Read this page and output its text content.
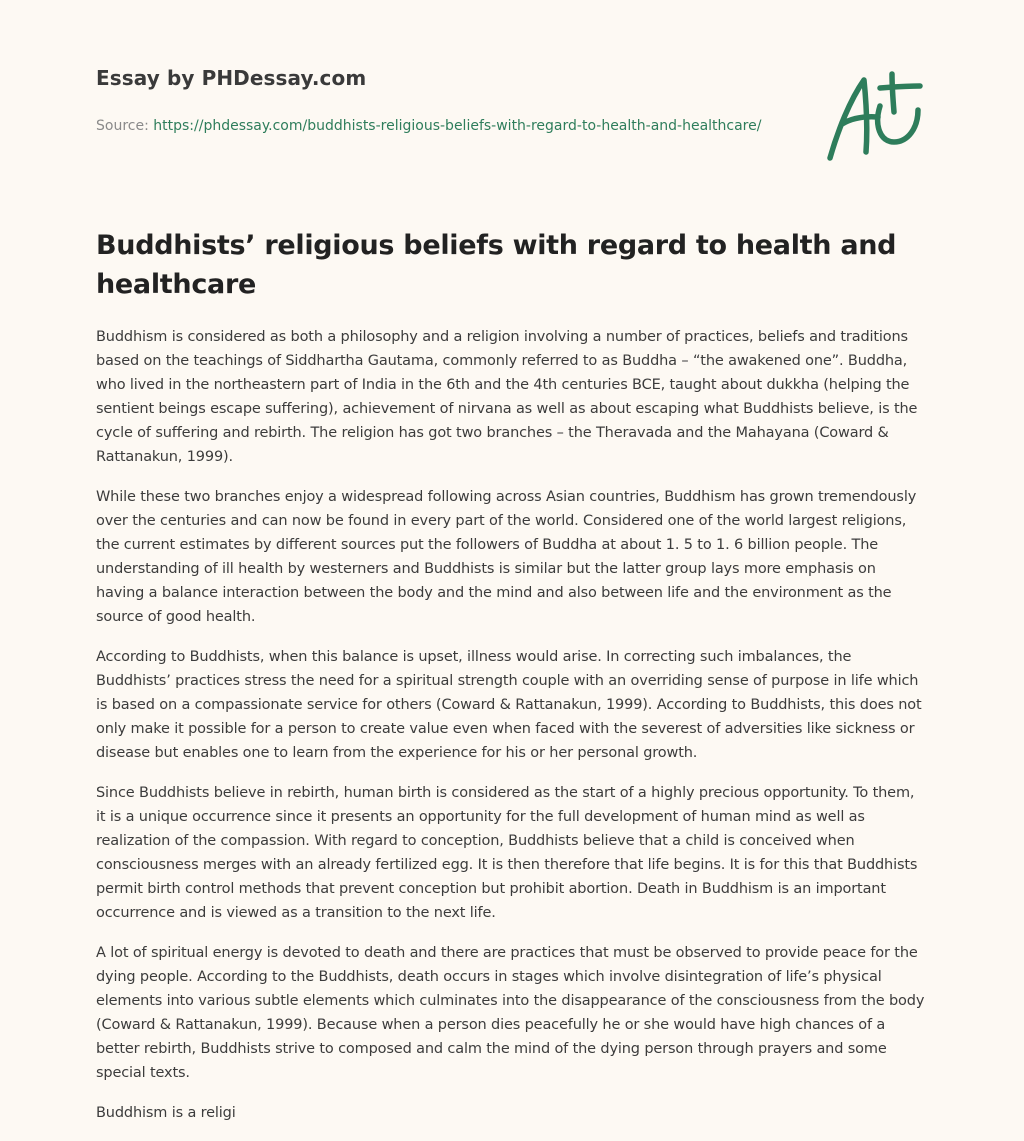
Essay by PHDessay.com
Source: https://phdessay.com/buddhists-religious-beliefs-with-regard-to-health-and-healthcare/
Buddhists’ religious beliefs with regard to health and healthcare

Buddhism is considered as both a philosophy and a religion involving a number of practices, beliefs and traditions based on the teachings of Siddhartha Gautama, commonly referred to as Buddha – “the awakened one”. Buddha, who lived in the northeastern part of India in the 6th and the 4th centuries BCE, taught about dukkha (helping the sentient beings escape suffering), achievement of nirvana as well as about escaping what Buddhists believe, is the cycle of suffering and rebirth. The religion has got two branches – the Theravada and the Mahayana (Coward & Rattanakun, 1999).

While these two branches enjoy a widespread following across Asian countries, Buddhism has grown tremendously over the centuries and can now be found in every part of the world. Considered one of the world largest religions, the current estimates by different sources put the followers of Buddha at about 1. 5 to 1. 6 billion people. The understanding of ill health by westerners and Buddhists is similar but the latter group lays more emphasis on having a balance interaction between the body and the mind and also between life and the environment as the source of good health.

According to Buddhists, when this balance is upset, illness would arise. In correcting such imbalances, the Buddhists’ practices stress the need for a spiritual strength couple with an overriding sense of purpose in life which is based on a compassionate service for others (Coward & Rattanakun, 1999). According to Buddhists, this does not only make it possible for a person to create value even when faced with the severest of adversities like sickness or disease but enables one to learn from the experience for his or her personal growth.

Since Buddhists believe in rebirth, human birth is considered as the start of a highly precious opportunity. To them, it is a unique occurrence since it presents an opportunity for the full development of human mind as well as realization of the compassion. With regard to conception, Buddhists believe that a child is conceived when consciousness merges with an already fertilized egg. It is then therefore that life begins. It is for this that Buddhists permit birth control methods that prevent conception but prohibit abortion. Death in Buddhism is an important occurrence and is viewed as a transition to the next life.

A lot of spiritual energy is devoted to death and there are practices that must be observed to provide peace for the dying people. According to the Buddhists, death occurs in stages which involve disintegration of life’s physical elements into various subtle elements which culminates into the disappearance of the consciousness from the body (Coward & Rattanakun, 1999). Because when a person dies peacefully he or she would have high chances of a better rebirth, Buddhists strive to composed and calm the mind of the dying person through prayers and some special texts.

Buddhism is a religi
